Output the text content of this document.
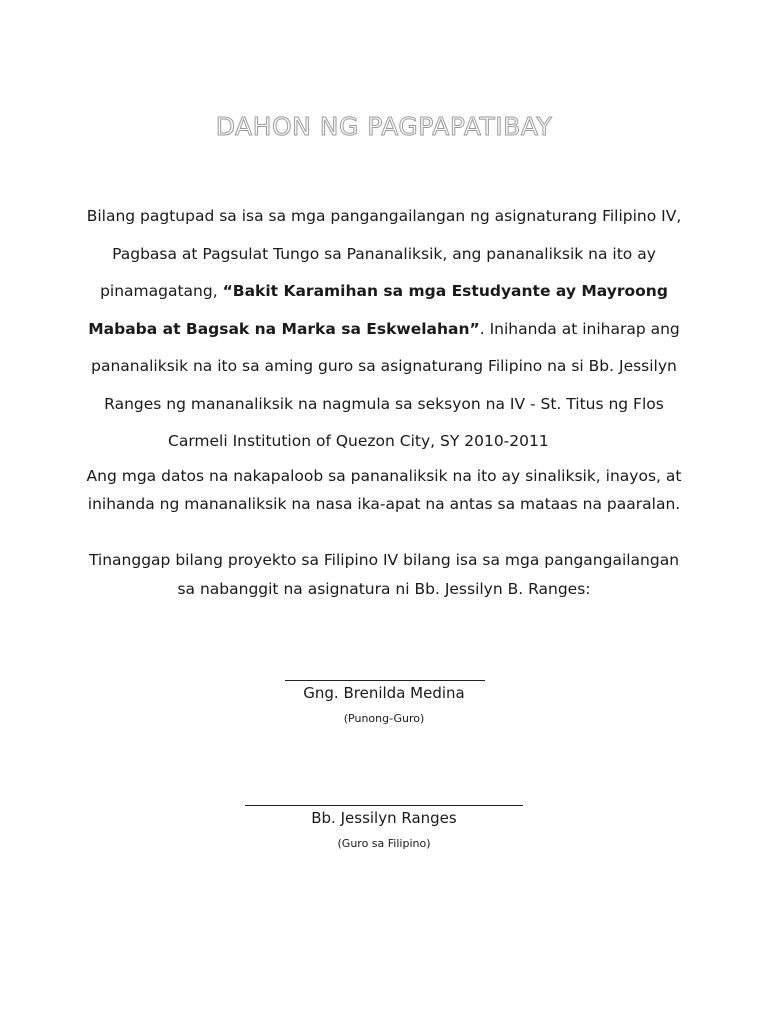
DAHON NG PAGPAPATIBAY
Bilang pagtupad sa isa sa mga pangangailangan ng asignaturang Filipino IV,
Pagbasa at Pagsulat Tungo sa Pananaliksik, ang pananaliksik na ito ay
pinamagatang, “Bakit Karamihan sa mga Estudyante ay Mayroong Mababa at Bagsak na Marka sa Eskwelahan”. Inihanda at iniharap ang pananaliksik na ito sa aming guro sa asignaturang Filipino na si Bb. Jessilyn Ranges ng mananaliksik na nagmula sa seksyon na IV - St. Titus ng Flos
Carmeli Institution of Quezon City, SY 2010-2011
Ang mga datos na nakapaloob sa pananaliksik na ito ay sinaliksik, inayos, at inihanda ng mananaliksik na nasa ika-apat na antas sa mataas na paaralan.
Tinanggap bilang proyekto sa Filipino IV bilang isa sa mga pangangailangan sa nabanggit na asignatura ni Bb. Jessilyn B. Ranges:
Gng. Brenilda Medina
(Punong-Guro)
Bb. Jessilyn Ranges
(Guro sa Filipino)
